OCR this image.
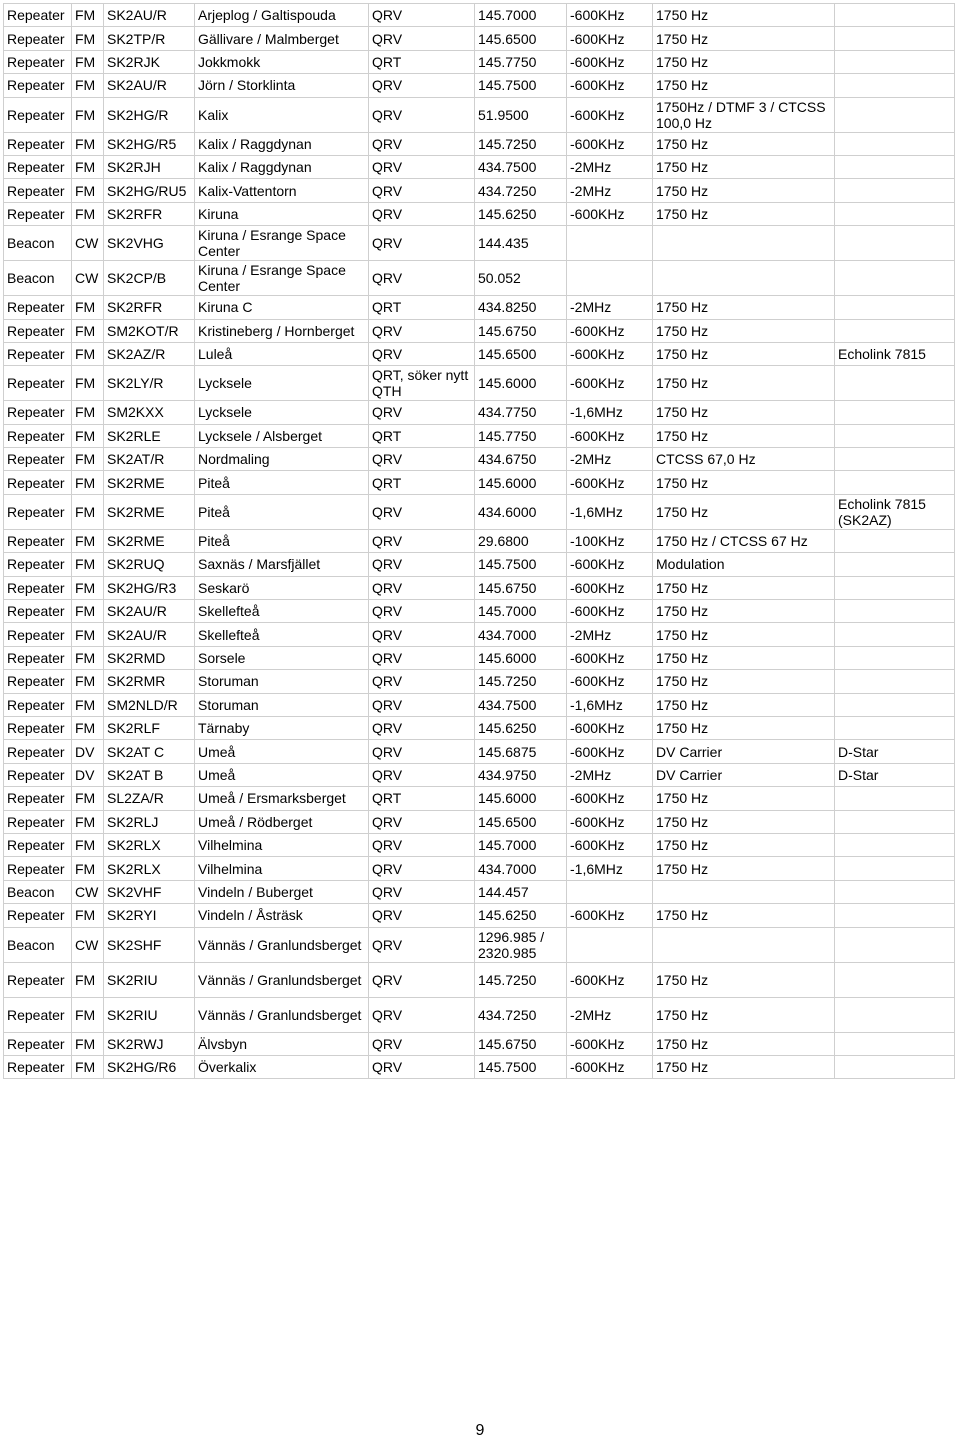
Repeater	FM	SK2AU/R	Arjeplog / Galtispouda	QRV	145.7000	-600KHz	1750 Hz	
Repeater	FM	SK2TP/R	Gällivare / Malmberget	QRV	145.6500	-600KHz	1750 Hz	
Repeater	FM	SK2RJK	Jokkmokk	QRT	145.7750	-600KHz	1750 Hz	
Repeater	FM	SK2AU/R	Jörn / Storklinta	QRV	145.7500	-600KHz	1750 Hz	
Repeater	FM	SK2HG/R	Kalix	QRV	51.9500	-600KHz	1750Hz / DTMF 3 / CTCSS 100,0 Hz	
Repeater	FM	SK2HG/R5	Kalix / Raggdynan	QRV	145.7250	-600KHz	1750 Hz	
Repeater	FM	SK2RJH	Kalix / Raggdynan	QRV	434.7500	-2MHz	1750 Hz	
Repeater	FM	SK2HG/RU5	Kalix-Vattentorn	QRV	434.7250	-2MHz	1750 Hz	
Repeater	FM	SK2RFR	Kiruna	QRV	145.6250	-600KHz	1750 Hz	
Beacon	CW	SK2VHG	Kiruna / Esrange Space Center	QRV	144.435			
Beacon	CW	SK2CP/B	Kiruna / Esrange Space Center	QRV	50.052			
Repeater	FM	SK2RFR	Kiruna C	QRT	434.8250	-2MHz	1750 Hz	
Repeater	FM	SM2KOT/R	Kristineberg / Hornberget	QRV	145.6750	-600KHz	1750 Hz	
Repeater	FM	SK2AZ/R	Luleå	QRV	145.6500	-600KHz	1750 Hz	Echolink 7815
Repeater	FM	SK2LY/R	Lycksele	QRT, söker nytt QTH	145.6000	-600KHz	1750 Hz	
Repeater	FM	SM2KXX	Lycksele	QRV	434.7750	-1,6MHz	1750 Hz	
Repeater	FM	SK2RLE	Lycksele / Alsberget	QRT	145.7750	-600KHz	1750 Hz	
Repeater	FM	SK2AT/R	Nordmaling	QRV	434.6750	-2MHz	CTCSS 67,0 Hz	
Repeater	FM	SK2RME	Piteå	QRT	145.6000	-600KHz	1750 Hz	
Repeater	FM	SK2RME	Piteå	QRV	434.6000	-1,6MHz	1750 Hz	Echolink 7815 (SK2AZ)
Repeater	FM	SK2RME	Piteå	QRV	29.6800	-100KHz	1750 Hz / CTCSS 67 Hz	
Repeater	FM	SK2RUQ	Saxnäs / Marsfjället	QRV	145.7500	-600KHz	Modulation	
Repeater	FM	SK2HG/R3	Seskarö	QRV	145.6750	-600KHz	1750 Hz	
Repeater	FM	SK2AU/R	Skellefteå	QRV	145.7000	-600KHz	1750 Hz	
Repeater	FM	SK2AU/R	Skellefteå	QRV	434.7000	-2MHz	1750 Hz	
Repeater	FM	SK2RMD	Sorsele	QRV	145.6000	-600KHz	1750 Hz	
Repeater	FM	SK2RMR	Storuman	QRV	145.7250	-600KHz	1750 Hz	
Repeater	FM	SM2NLD/R	Storuman	QRV	434.7500	-1,6MHz	1750 Hz	
Repeater	FM	SK2RLF	Tärnaby	QRV	145.6250	-600KHz	1750 Hz	
Repeater	DV	SK2AT C	Umeå	QRV	145.6875	-600KHz	DV Carrier	D-Star
Repeater	DV	SK2AT B	Umeå	QRV	434.9750	-2MHz	DV Carrier	D-Star
Repeater	FM	SL2ZA/R	Umeå / Ersmarksberget	QRT	145.6000	-600KHz	1750 Hz	
Repeater	FM	SK2RLJ	Umeå / Rödberget	QRV	145.6500	-600KHz	1750 Hz	
Repeater	FM	SK2RLX	Vilhelmina	QRV	145.7000	-600KHz	1750 Hz	
Repeater	FM	SK2RLX	Vilhelmina	QRV	434.7000	-1,6MHz	1750 Hz	
Beacon	CW	SK2VHF	Vindeln / Buberget	QRV	144.457			
Repeater	FM	SK2RYI	Vindeln / Åsträsk	QRV	145.6250	-600KHz	1750 Hz	
Beacon	CW	SK2SHF	Vännäs / Granlundsberget	QRV	1296.985 / 2320.985			
Repeater	FM	SK2RIU	Vännäs / Granlundsberget	QRV	145.7250	-600KHz	1750 Hz	
Repeater	FM	SK2RIU	Vännäs / Granlundsberget	QRV	434.7250	-2MHz	1750 Hz	
Repeater	FM	SK2RWJ	Älvsbyn	QRV	145.6750	-600KHz	1750 Hz	
Repeater	FM	SK2HG/R6	Överkalix	QRV	145.7500	-600KHz	1750 Hz	
9
